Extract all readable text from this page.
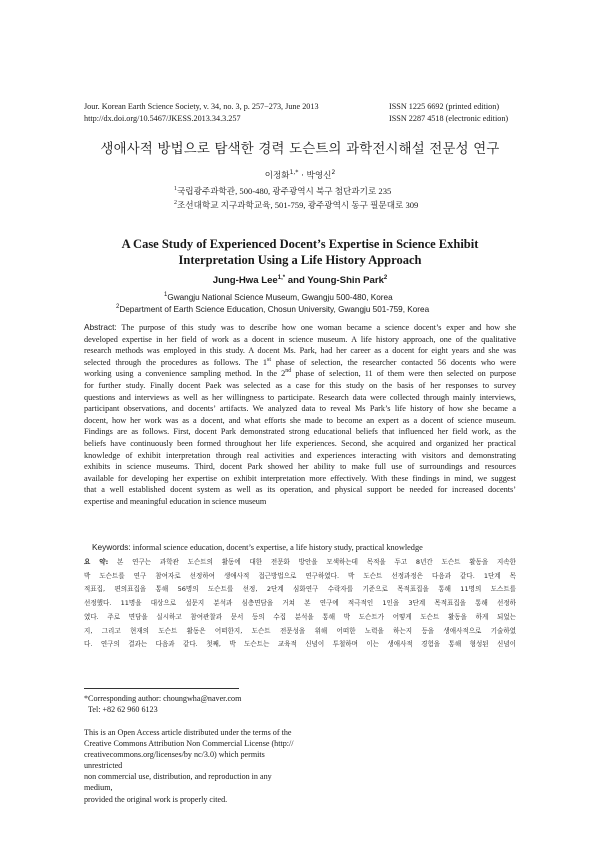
Jour. Korean Earth Science Society, v. 34, no. 3, p. 257−273, June 2013
http://dx.doi.org/10.5467/JKESS.2013.34.3.257
ISSN 1225 6692 (printed edition)
ISSN 2287 4518 (electronic edition)
생애사적 방법으로 탐색한 경력 도슨트의 과학전시해설 전문성 연구
이정화$^{1,*}$ · 박영신$^2$
$^1$국립광주과학관, 500-480, 광주광역시 북구 첨단과기로 235
$^2$조선대학교 지구과학교육, 501-759, 광주광역시 동구 필문대로 309
A Case Study of Experienced Docent’s Expertise in Science Exhibit
Interpretation Using a Life History Approach
Jung-Hwa Lee$^{1,*}$ and Young-Shin Park$^2$
$^1$Gwangju National Science Museum, Gwangju 500-480, Korea
$^2$Department of Earth Science Education, Chosun University, Gwangju 501-759, Korea
Abstract: The purpose of this study was to describe how one woman became a science docent’s exper and how she
developed expertise in her field of work as a docent in science museum. A life history approach, one of the qualitative
research methods was employed in this study. A docent Ms. Park, had her career as a docent for eight years and she was
selected through the procedures as follows. The 1st phase of selection, the researcher contacted 56 docents who were
working using a convenience sampling method. In the 2nd phase of selection, 11 of them were then selected on purpose
for further study. Finally docent Paek was selected as a case for this study on the basis of her responses to survey
questions and interviews as well as her willingness to participate. Research data were collected through mainly interviews,
participant observations, and docents’ artifacts. We analyzed data to reveal Ms Park’s life history of how she became a
docent, how her work was as a docent, and what efforts she made to become an expert as a docent of science museum.
Findings are as follows. First, docent Park demonstrated strong educational beliefs that influenced her field work, as the
beliefs have continuously been formed throughout her life experiences. Second, she acquired and organized her practical
knowledge of exhibit interpretation through real activities and experiences interacting with visitors and demonstrating
exhibits in science museums. Third, docent Park showed her ability to make full use of surroundings and resources
available for developing her expertise on exhibit interpretation more effectively. With these findings in mind, we suggest
that a well established docent system as well as its operation, and physical support be needed for increased docents’
expertise and meaningful education in science museum
Keywords: informal science education, docent’s expertise, a life history study, practical knowledge
요 약: 본 연구는 과학관 도슨트의 활동에 대한 전문화 방안을 모색하는데 목적을 두고 8년간 도슨트 활동을 지속한
박 도슨트를 연구 참여자로 선정하여 생애사적 접근방법으로 연구하였다. 박 도슨트 선정과정은 다음과 같다. 1단계 목
적표집, 편의표집을 통해 56명의 도슨트를 선정, 2단계 심화연구 수락자를 기준으로 목적표집을 통해 11명의 도스트를
선정했다. 11명을 대상으로 설문지 분석과 심층면담을 거쳐 본 연구에 적극적인 1인을 3단계 목적표집을 통해 선정하
였다. 주로 면담을 실시하고 참여관찰과 문서 등의 수집 분석을 통해 박 도슨트가 어떻게 도슨트 활동을 하게 되었는
지, 그리고 현재의 도슨트 활동은 어떠한지, 도슨트 전문성을 위해 어떠한 노력을 하는지 등을 생애사적으로 기술하였
다. 연구의 결과는 다음과 같다. 첫째, 박 도슨트는 교육적 신념이 투철하며 이는 생애사적 경험을 통해 형성된 신념이
*Corresponding author: choungwha@naver.com
Tel: +82 62 960 6123
This is an Open Access article distributed under the terms of the
Creative Commons Attribution Non Commercial License (http://
creativecommons.org/licenses/by nc/3.0) which permits unrestricted
non commercial use, distribution, and reproduction in any medium,
provided the original work is properly cited.
